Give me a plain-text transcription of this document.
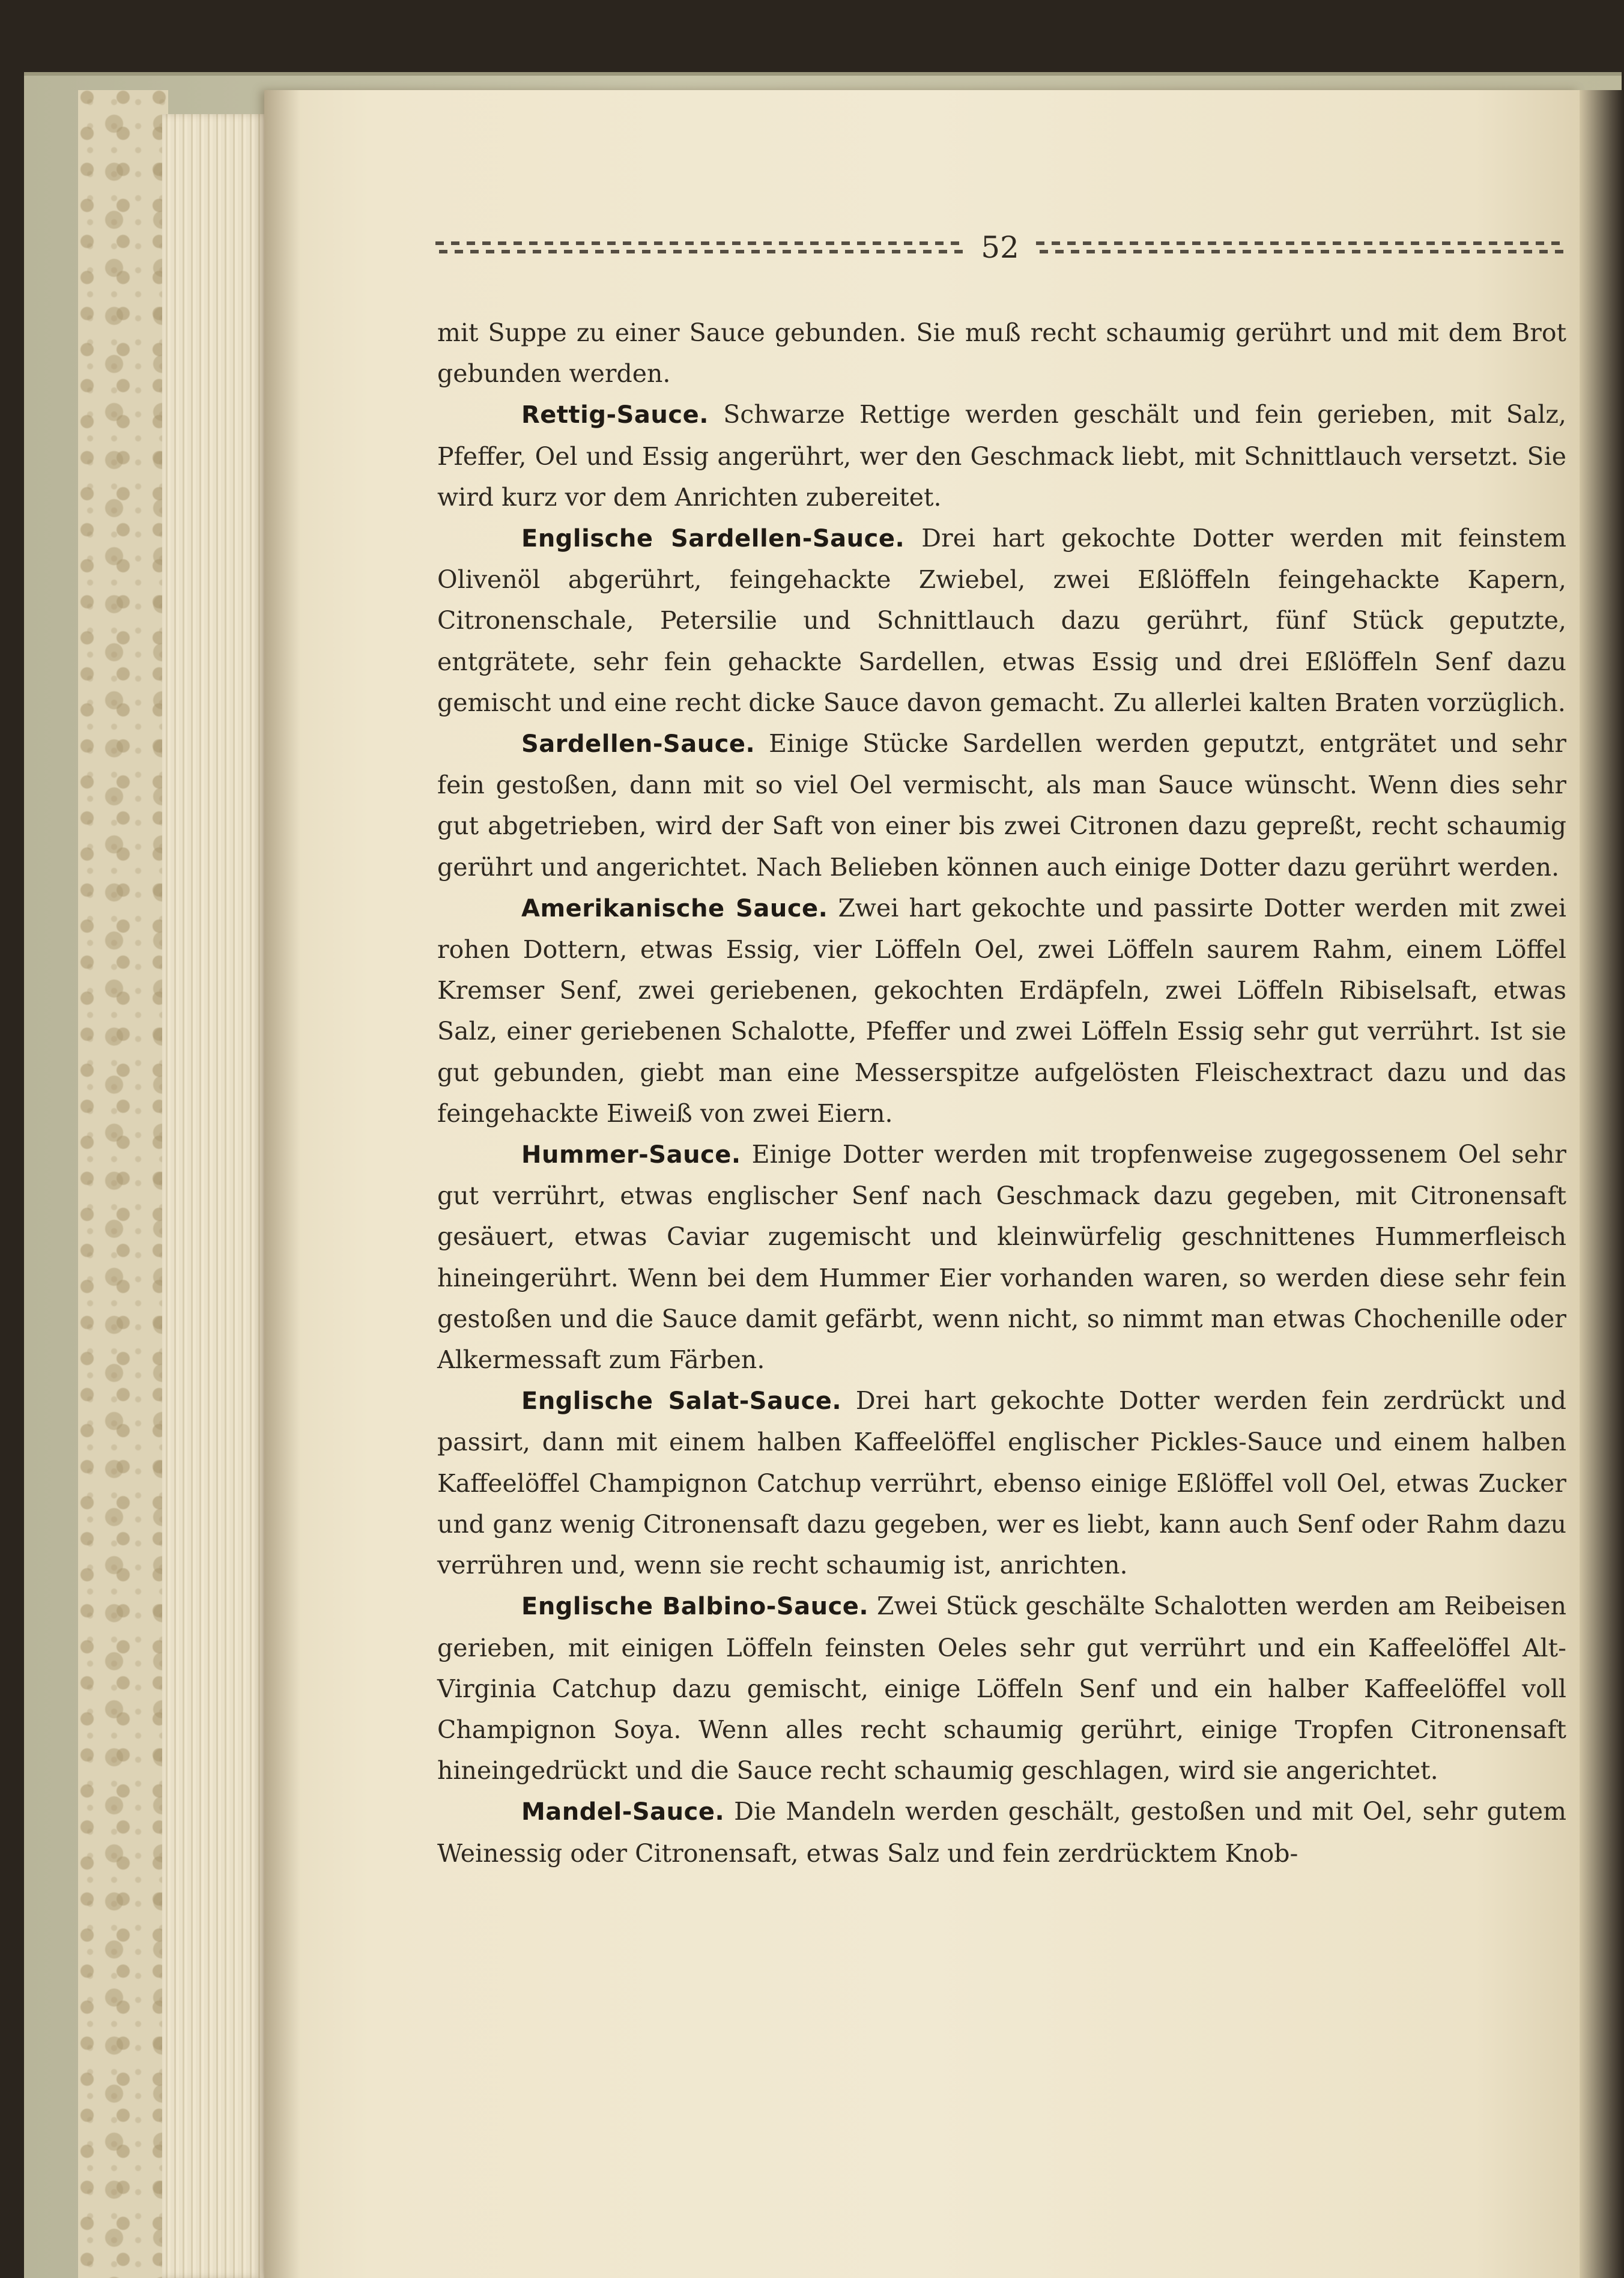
52

mit Suppe zu einer Sauce gebunden. Sie muß recht schaumig gerührt und mit dem Brot gebunden werden.

Rettig-Sauce. Schwarze Rettige werden geschält und fein gerieben, mit Salz, Pfeffer, Oel und Essig angerührt, wer den Geschmack liebt, mit Schnittlauch versetzt. Sie wird kurz vor dem Anrichten zubereitet.

Englische Sardellen-Sauce. Drei hart gekochte Dotter werden mit feinstem Olivenöl abgerührt, feingehackte Zwiebel, zwei Eßlöffeln feingehackte Kapern, Citronenschale, Petersilie und Schnittlauch dazu gerührt, fünf Stück geputzte, entgrätete, sehr fein gehackte Sardellen, etwas Essig und drei Eßlöffeln Senf dazu gemischt und eine recht dicke Sauce davon gemacht. Zu allerlei kalten Braten vorzüglich.

Sardellen-Sauce. Einige Stücke Sardellen werden geputzt, entgrätet und sehr fein gestoßen, dann mit so viel Oel vermischt, als man Sauce wünscht. Wenn dies sehr gut abgetrieben, wird der Saft von einer bis zwei Citronen dazu gepreßt, recht schaumig gerührt und angerichtet. Nach Belieben können auch einige Dotter dazu gerührt werden.

Amerikanische Sauce. Zwei hart gekochte und passirte Dotter werden mit zwei rohen Dottern, etwas Essig, vier Löffeln Oel, zwei Löffeln saurem Rahm, einem Löffel Kremser Senf, zwei geriebenen, gekochten Erdäpfeln, zwei Löffeln Ribiselsaft, etwas Salz, einer geriebenen Schalotte, Pfeffer und zwei Löffeln Essig sehr gut verrührt. Ist sie gut gebunden, giebt man eine Messerspitze aufgelösten Fleischextract dazu und das feingehackte Eiweiß von zwei Eiern.

Hummer-Sauce. Einige Dotter werden mit tropfenweise zugegossenem Oel sehr gut verrührt, etwas englischer Senf nach Geschmack dazu gegeben, mit Citronensaft gesäuert, etwas Caviar zugemischt und kleinwürfelig geschnittenes Hummerfleisch hineingerührt. Wenn bei dem Hummer Eier vorhanden waren, so werden diese sehr fein gestoßen und die Sauce damit gefärbt, wenn nicht, so nimmt man etwas Chochenille oder Alkermessaft zum Färben.

Englische Salat-Sauce. Drei hart gekochte Dotter werden fein zerdrückt und passirt, dann mit einem halben Kaffeelöffel englischer Pickles-Sauce und einem halben Kaffeelöffel Champignon Catchup verrührt, ebenso einige Eßlöffel voll Oel, etwas Zucker und ganz wenig Citronensaft dazu gegeben, wer es liebt, kann auch Senf oder Rahm dazu verrühren und, wenn sie recht schaumig ist, anrichten.

Englische Balbino-Sauce. Zwei Stück geschälte Schalotten werden am Reibeisen gerieben, mit einigen Löffeln feinsten Oeles sehr gut verrührt und ein Kaffeelöffel Alt-Virginia Catchup dazu gemischt, einige Löffeln Senf und ein halber Kaffeelöffel voll Champignon Soya. Wenn alles recht schaumig gerührt, einige Tropfen Citronensaft hineingedrückt und die Sauce recht schaumig geschlagen, wird sie angerichtet.

Mandel-Sauce. Die Mandeln werden geschält, gestoßen und mit Oel, sehr gutem Weinessig oder Citronensaft, etwas Salz und fein zerdrücktem Knob-
